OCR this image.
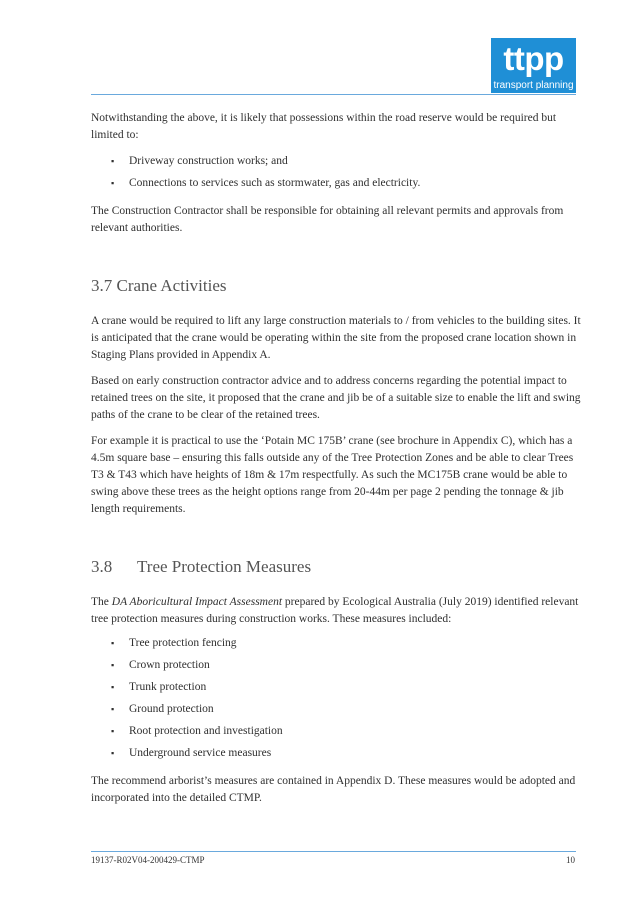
ttpp
transport planning

Notwithstanding the above, it is likely that possessions within the road reserve would be required but limited to:

▪ Driveway construction works; and
▪ Connections to services such as stormwater, gas and electricity.

The Construction Contractor shall be responsible for obtaining all relevant permits and approvals from relevant authorities.

3.7 Crane Activities

A crane would be required to lift any large construction materials to / from vehicles to the building sites. It is anticipated that the crane would be operating within the site from the proposed crane location shown in Staging Plans provided in Appendix A.

Based on early construction contractor advice and to address concerns regarding the potential impact to retained trees on the site, it proposed that the crane and jib be of a suitable size to enable the lift and swing paths of the crane to be clear of the retained trees.

For example it is practical to use the ‘Potain MC 175B’ crane (see brochure in Appendix C), which has a 4.5m square base – ensuring this falls outside any of the Tree Protection Zones and be able to clear Trees T3 & T43 which have heights of 18m & 17m respectfully. As such the MC175B crane would be able to swing above these trees as the height options range from 20-44m per page 2 pending the tonnage & jib length requirements.

3.8 Tree Protection Measures

The DA Aboricultural Impact Assessment prepared by Ecological Australia (July 2019) identified relevant tree protection measures during construction works. These measures included:

▪ Tree protection fencing
▪ Crown protection
▪ Trunk protection
▪ Ground protection
▪ Root protection and investigation
▪ Underground service measures

The recommend arborist’s measures are contained in Appendix D. These measures would be adopted and incorporated into the detailed CTMP.

19137-R02V04-200429-CTMP	10
